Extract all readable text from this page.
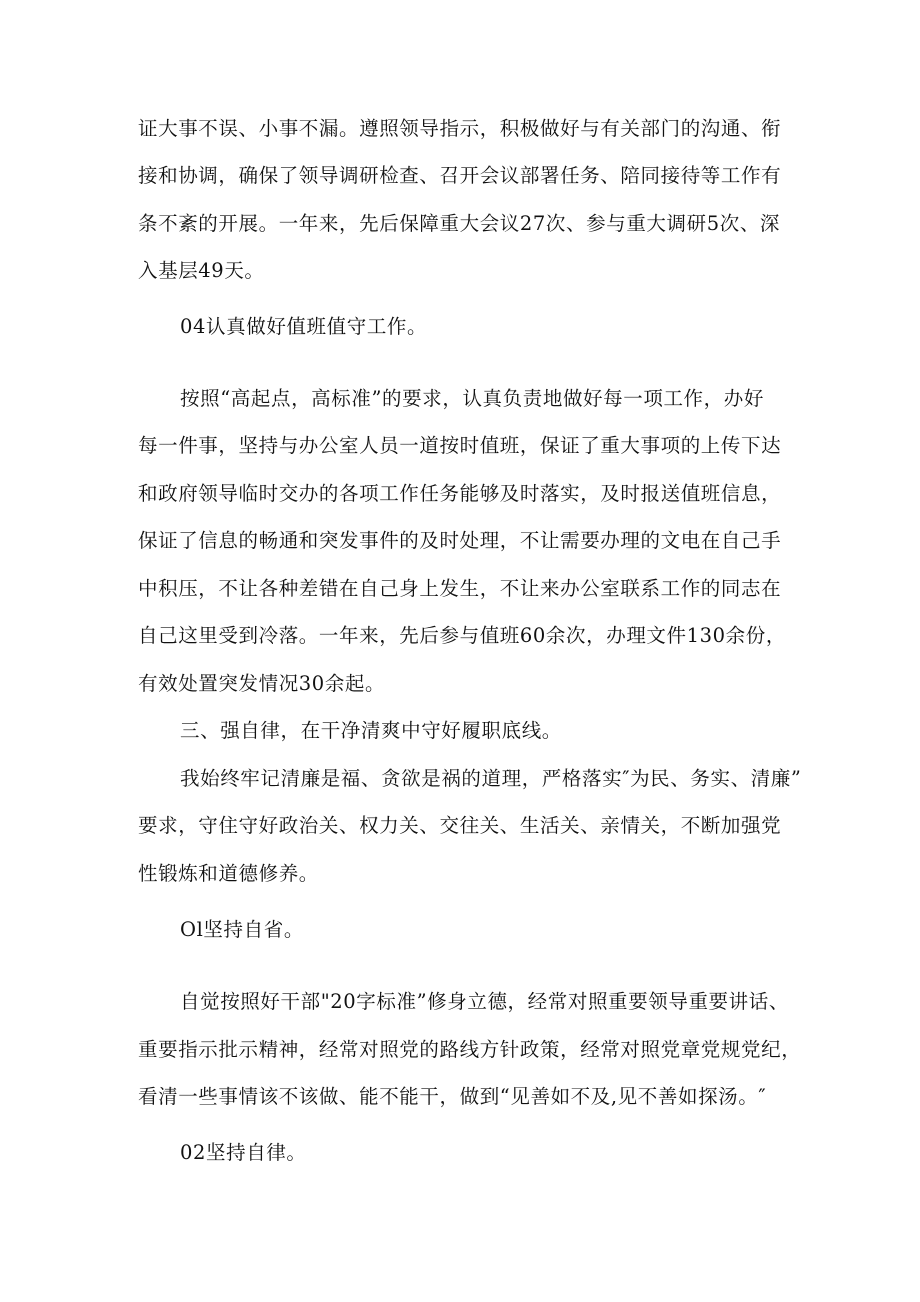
证大事不误、小事不漏。遵照领导指示，积极做好与有关部门的沟通、衔
接和协调，确保了领导调研检查、召开会议部署任务、陪同接待等工作有
条不紊的开展。一年来，先后保障重大会议27次、参与重大调研5次、深
入基层49天。
04认真做好值班值守工作。
按照“高起点，高标准”的要求，认真负责地做好每一项工作，办好
每一件事，坚持与办公室人员一道按时值班，保证了重大事项的上传下达
和政府领导临时交办的各项工作任务能够及时落实，及时报送值班信息，
保证了信息的畅通和突发事件的及时处理，不让需要办理的文电在自己手
中积压，不让各种差错在自己身上发生，不让来办公室联系工作的同志在
自己这里受到冷落。一年来，先后参与值班60余次，办理文件130余份，
有效处置突发情况30余起。
三、强自律，在干净清爽中守好履职底线。
我始终牢记清廉是福、贪欲是祸的道理，严格落实″为民、务实、清廉”
要求，守住守好政治关、权力关、交往关、生活关、亲情关，不断加强党
性锻炼和道德修养。
Ol坚持自省。
自觉按照好干部"20字标准”修身立德，经常对照重要领导重要讲话、
重要指示批示精神，经常对照党的路线方针政策，经常对照党章党规党纪，
看清一些事情该不该做、能不能干，做到“见善如不及,见不善如探汤。″
02坚持自律。
